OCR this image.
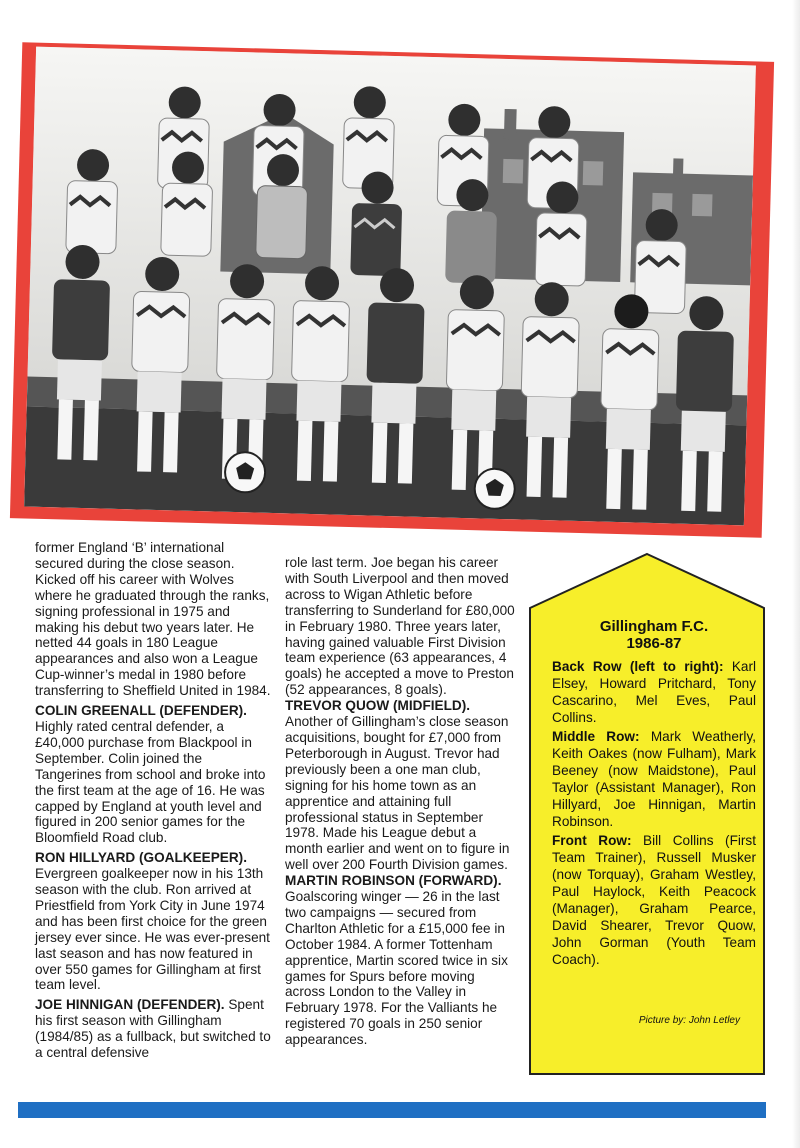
former England ‘B’ international secured during the close season. Kicked off his career with Wolves where he graduated through the ranks, signing professional in 1975 and making his debut two years later. He netted 44 goals in 180 League appearances and also won a League Cup-winner’s medal in 1980 before transferring to Sheffield United in 1984.

COLIN GREENALL (DEFENDER).
Highly rated central defender, a £40,000 purchase from Blackpool in September. Colin joined the Tangerines from school and broke into the first team at the age of 16. He was capped by England at youth level and figured in 200 senior games for the Bloomfield Road club.

RON HILLYARD (GOALKEEPER).
Evergreen goalkeeper now in his 13th season with the club. Ron arrived at Priestfield from York City in June 1974 and has been first choice for the green jersey ever since. He was ever-present last season and has now featured in over 550 games for Gillingham at first team level.

JOE HINNIGAN (DEFENDER). Spent his first season with Gillingham (1984/85) as a fullback, but switched to a central defensive

role last term. Joe began his career with South Liverpool and then moved across to Wigan Athletic before transferring to Sunderland for £80,000 in February 1980. Three years later, having gained valuable First Division team experience (63 appearances, 4 goals) he accepted a move to Preston (52 appearances, 8 goals).

TREVOR QUOW (MIDFIELD).
Another of Gillingham’s close season acquisitions, bought for £7,000 from Peterborough in August. Trevor had previously been a one man club, signing for his home town as an apprentice and attaining full professional status in September 1978. Made his League debut a month earlier and went on to figure in well over 200 Fourth Division games.

MARTIN ROBINSON (FORWARD).
Goalscoring winger — 26 in the last two campaigns — secured from Charlton Athletic for a £15,000 fee in October 1984. A former Tottenham apprentice, Martin scored twice in six games for Spurs before moving across London to the Valley in February 1978. For the Valliants he registered 70 goals in 250 senior appearances.

Gillingham F.C.
1986-87

Back Row (left to right): Karl Elsey, Howard Pritchard, Tony Cascarino, Mel Eves, Paul Collins.

Middle Row: Mark Weatherly, Keith Oakes (now Fulham), Mark Beeney (now Maidstone), Paul Taylor (Assistant Manager), Ron Hillyard, Joe Hinnigan, Martin Robinson.

Front Row: Bill Collins (First Team Trainer), Russell Musker (now Torquay), Graham Westley, Paul Haylock, Keith Peacock (Manager), Graham Pearce, David Shearer, Trevor Quow, John Gorman (Youth Team Coach).

Picture by: John Letley
